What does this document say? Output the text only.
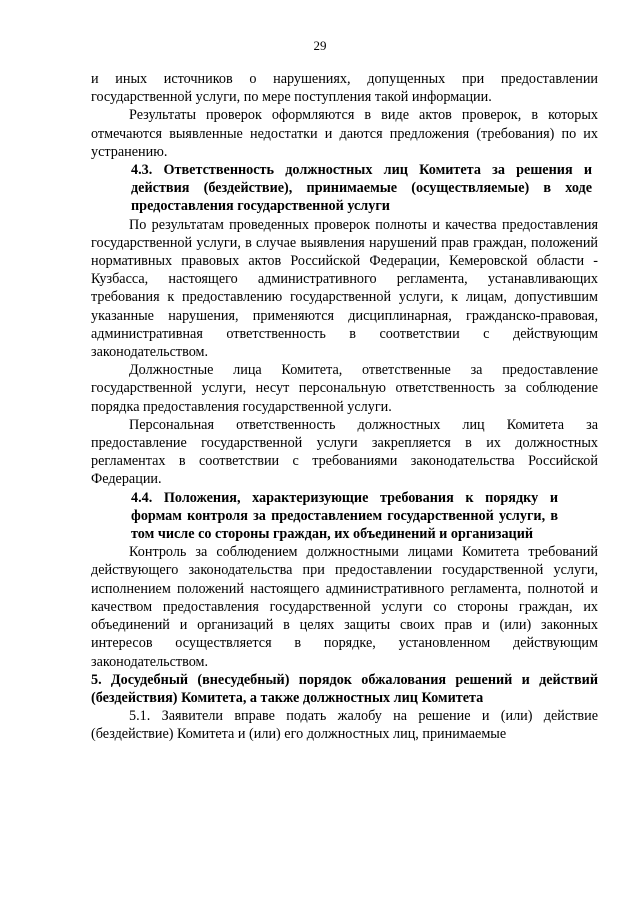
29

и иных источников о нарушениях, допущенных при предоставлении государственной услуги, по мере поступления такой информации.

Результаты проверок оформляются в виде актов проверок, в которых отмечаются выявленные недостатки и даются предложения (требования) по их устранению.

4.3. Ответственность должностных лиц Комитета за решения и действия (бездействие), принимаемые (осуществляемые) в ходе предоставления государственной услуги

По результатам проведенных проверок полноты и качества предоставления государственной услуги, в случае выявления нарушений прав граждан, положений нормативных правовых актов Российской Федерации, Кемеровской области - Кузбасса, настоящего административного регламента, устанавливающих требования к предоставлению государственной услуги, к лицам, допустившим указанные нарушения, применяются дисциплинарная, гражданско-правовая, административная ответственность в соответствии с действующим законодательством.

Должностные лица Комитета, ответственные за предоставление государственной услуги, несут персональную ответственность за соблюдение порядка предоставления государственной услуги.

Персональная ответственность должностных лиц Комитета за предоставление государственной услуги закрепляется в их должностных регламентах в соответствии с требованиями законодательства Российской Федерации.

4.4. Положения, характеризующие требования к порядку и формам контроля за предоставлением государственной услуги, в том числе со стороны граждан, их объединений и организаций

Контроль за соблюдением должностными лицами Комитета требований действующего законодательства при предоставлении государственной услуги, исполнением положений настоящего административного регламента, полнотой и качеством предоставления государственной услуги со стороны граждан, их объединений и организаций в целях защиты своих прав и (или) законных интересов осуществляется в порядке, установленном действующим законодательством.

5. Досудебный (внесудебный) порядок обжалования решений и действий (бездействия) Комитета, а также должностных лиц Комитета

5.1. Заявители вправе подать жалобу на решение и (или) действие (бездействие) Комитета и (или) его должностных лиц, принимаемые
